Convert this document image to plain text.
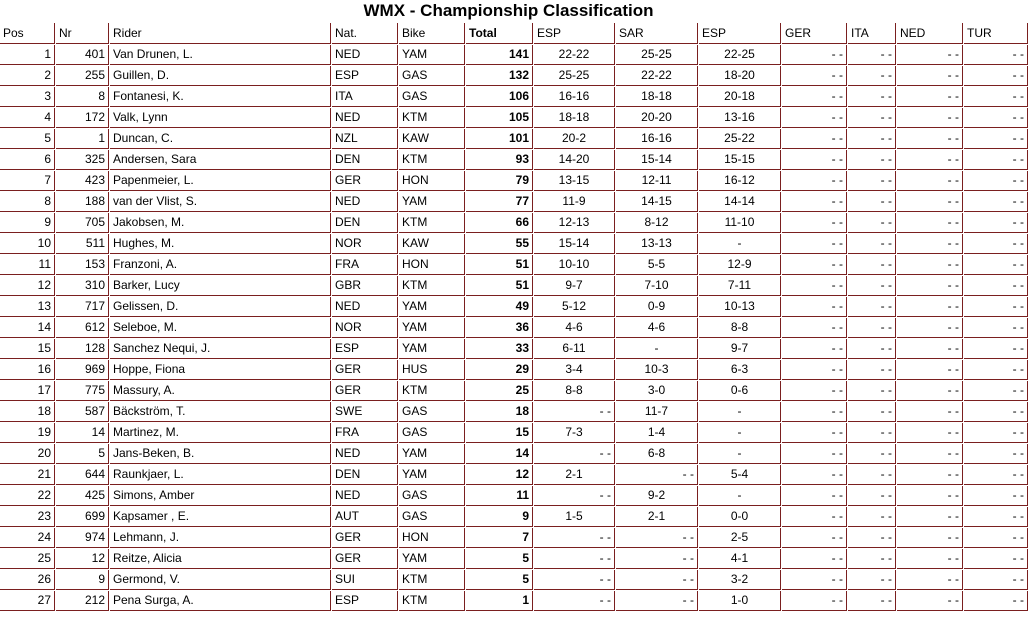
WMX - Championship Classification
Pos	Nr	Rider	Nat.	Bike	Total	ESP	SAR	ESP	GER	ITA	NED	TUR
1	401	Van Drunen, L.	NED	YAM	141	22-22	25-25	22-25	- -	- -	- -	- -
2	255	Guillen, D.	ESP	GAS	132	25-25	22-22	18-20	- -	- -	- -	- -
3	8	Fontanesi, K.	ITA	GAS	106	16-16	18-18	20-18	- -	- -	- -	- -
4	172	Valk, Lynn	NED	KTM	105	18-18	20-20	13-16	- -	- -	- -	- -
5	1	Duncan, C.	NZL	KAW	101	20-2	16-16	25-22	- -	- -	- -	- -
6	325	Andersen, Sara	DEN	KTM	93	14-20	15-14	15-15	- -	- -	- -	- -
7	423	Papenmeier, L.	GER	HON	79	13-15	12-11	16-12	- -	- -	- -	- -
8	188	van der Vlist, S.	NED	YAM	77	11-9	14-15	14-14	- -	- -	- -	- -
9	705	Jakobsen, M.	DEN	KTM	66	12-13	8-12	11-10	- -	- -	- -	- -
10	511	Hughes, M.	NOR	KAW	55	15-14	13-13	-	- -	- -	- -	- -
11	153	Franzoni, A.	FRA	HON	51	10-10	5-5	12-9	- -	- -	- -	- -
12	310	Barker, Lucy	GBR	KTM	51	9-7	7-10	7-11	- -	- -	- -	- -
13	717	Gelissen, D.	NED	YAM	49	5-12	0-9	10-13	- -	- -	- -	- -
14	612	Seleboe, M.	NOR	YAM	36	4-6	4-6	8-8	- -	- -	- -	- -
15	128	Sanchez Nequi, J.	ESP	YAM	33	6-11	-	9-7	- -	- -	- -	- -
16	969	Hoppe, Fiona	GER	HUS	29	3-4	10-3	6-3	- -	- -	- -	- -
17	775	Massury, A.	GER	KTM	25	8-8	3-0	0-6	- -	- -	- -	- -
18	587	Bäckström, T.	SWE	GAS	18	- -	11-7	-	- -	- -	- -	- -
19	14	Martinez, M.	FRA	GAS	15	7-3	1-4	-	- -	- -	- -	- -
20	5	Jans-Beken, B.	NED	YAM	14	- -	6-8	-	- -	- -	- -	- -
21	644	Raunkjaer, L.	DEN	YAM	12	2-1	- -	5-4	- -	- -	- -	- -
22	425	Simons, Amber	NED	GAS	11	- -	9-2	-	- -	- -	- -	- -
23	699	Kapsamer , E.	AUT	GAS	9	1-5	2-1	0-0	- -	- -	- -	- -
24	974	Lehmann, J.	GER	HON	7	- -	- -	2-5	- -	- -	- -	- -
25	12	Reitze, Alicia	GER	YAM	5	- -	- -	4-1	- -	- -	- -	- -
26	9	Germond, V.	SUI	KTM	5	- -	- -	3-2	- -	- -	- -	- -
27	212	Pena Surga, A.	ESP	KTM	1	- -	- -	1-0	- -	- -	- -	- -
